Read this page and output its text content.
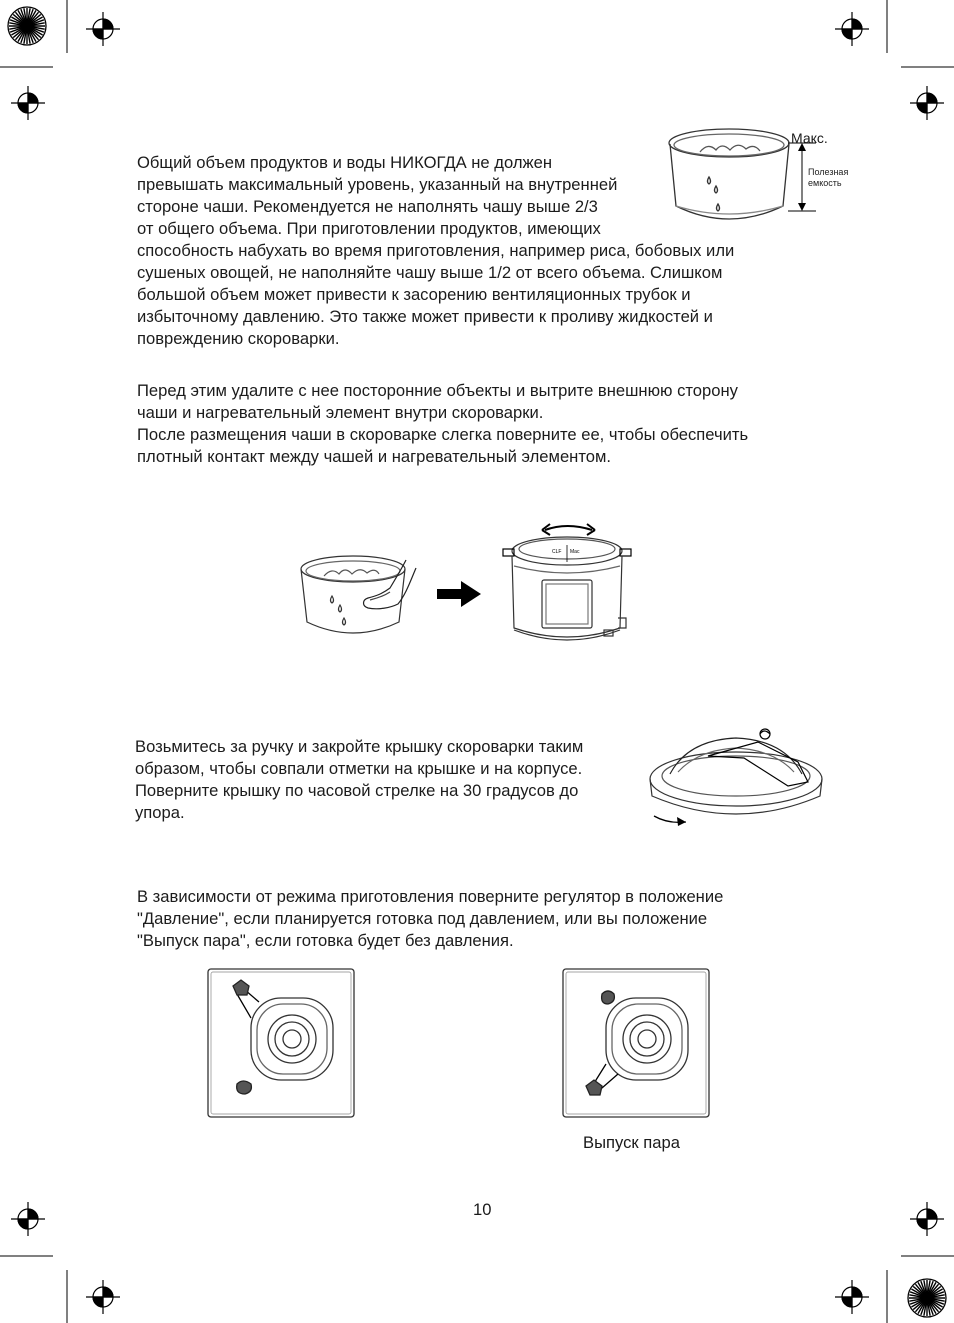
Общий объем продуктов и воды НИКОГДА не должен
превышать максимальный уровень, указанный на внутренней
стороне чаши. Рекомендуется не наполнять чашу выше 2/3
от общего объема. При приготовлении продуктов, имеющих
способность набухать во время приготовления, например риса, бобовых или
сушеных овощей, не наполняйте чашу выше 1/2 от всего объема. Слишком
большой объем может привести к засорению вентиляционных трубок и
избыточному давлению. Это также может привести к проливу жидкостей и
повреждению скороварки.
Макс.
Полезная
емкость
Перед этим удалите с нее посторонние объекты и вытрите внешнюю сторону
чаши и нагревательный элемент внутри скороварки.
После размещения чаши в скороварке слегка поверните ее, чтобы обеспечить
плотный контакт между чашей и нагревательный элементом.
CLF Mac
Возьмитесь за ручку и закройте крышку скороварки таким
образом, чтобы совпали отметки на крышке и на корпусе.
Поверните крышку по часовой стрелке на 30 градусов до
упора.
В зависимости от режима приготовления поверните регулятор в положение
"Давление", если планируется готовка под давлением, или вы положение
"Выпуск пара", если готовка будет без давления.
Выпуск пара
10
